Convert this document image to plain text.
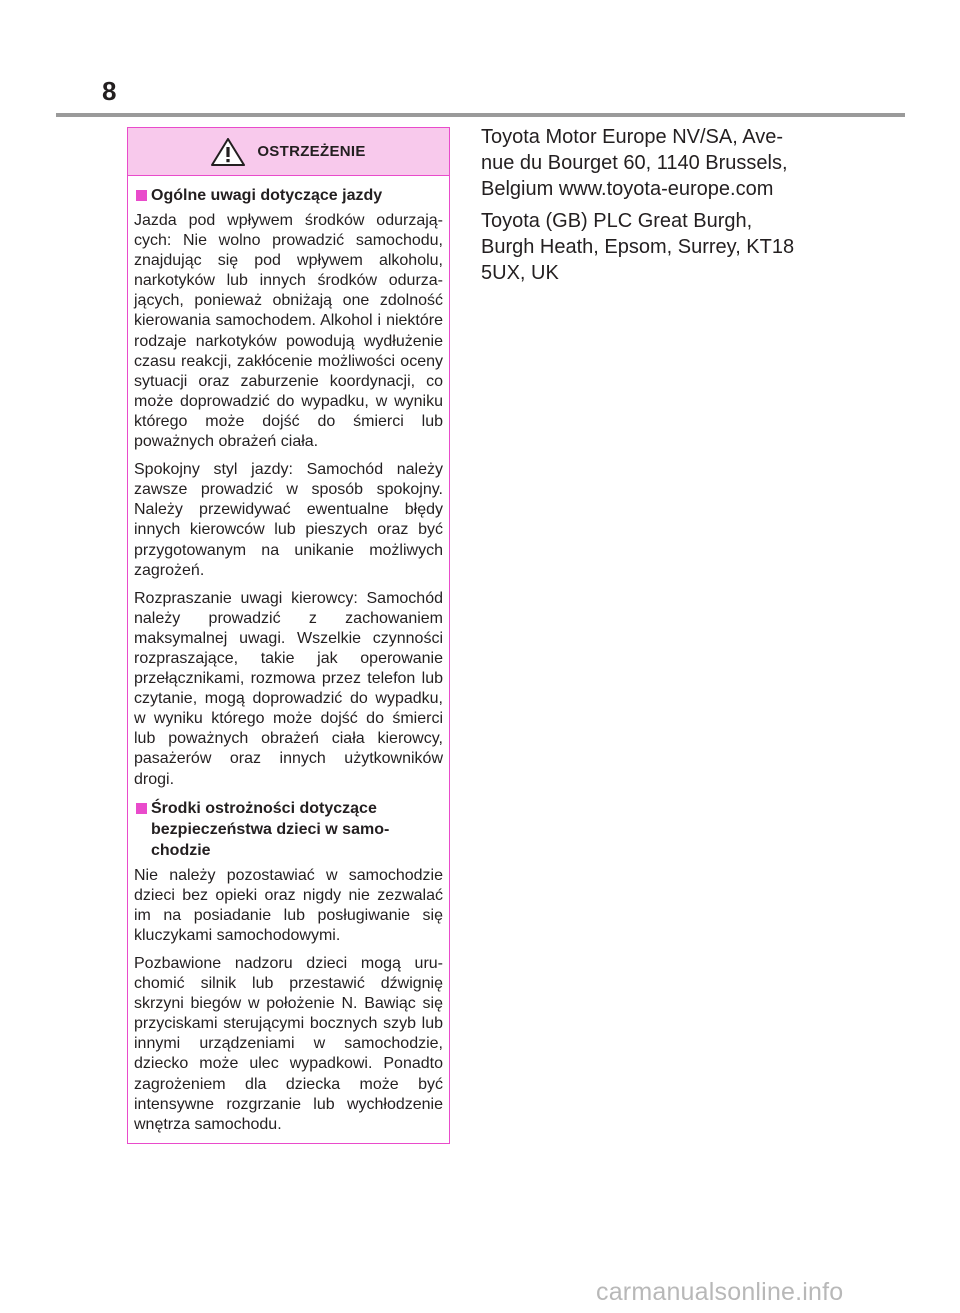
8
OSTRZEŻENIE
Ogólne uwagi dotyczące jazdy

Jazda pod wpływem środków odurzających: Nie wolno prowadzić samochodu, znajdując się pod wpływem alkoholu, narkotyków lub innych środków odurzających, ponieważ obniżają one zdolność kierowania samochodem. Alkohol i niektóre rodzaje narkotyków powodują wydłużenie czasu reakcji, zakłócenie możliwości oceny sytuacji oraz zaburzenie koordynacji, co może doprowadzić do wypadku, w wyniku którego może dojść do śmierci lub poważnych obrażeń ciała.

Spokojny styl jazdy: Samochód należy zawsze prowadzić w sposób spokojny. Należy przewidywać ewentualne błędy innych kierowców lub pieszych oraz być przygotowanym na unikanie możliwych zagrożeń.

Rozpraszanie uwagi kierowcy: Samochód należy prowadzić z zachowaniem maksymalnej uwagi. Wszelkie czynności rozpraszające, takie jak operowanie przełącznikami, rozmowa przez telefon lub czytanie, mogą doprowadzić do wypadku, w wyniku którego może dojść do śmierci lub poważnych obrażeń ciała kierowcy, pasażerów oraz innych użytkowników drogi.

Środki ostrożności dotyczące bezpieczeństwa dzieci w samochodzie

Nie należy pozostawiać w samochodzie dzieci bez opieki oraz nigdy nie zezwalać im na posiadanie lub posługiwanie się kluczykami samochodowymi.

Pozbawione nadzoru dzieci mogą uruchomić silnik lub przestawić dźwignię skrzyni biegów w położenie N. Bawiąc się przyciskami sterującymi bocznych szyb lub innymi urządzeniami w samochodzie, dziecko może ulec wypadkowi. Ponadto zagrożeniem dla dziecka może być intensywne rozgrzanie lub wychłodzenie wnętrza samochodu.

Toyota Motor Europe NV/SA, Avenue du Bourget 60, 1140 Brussels, Belgium www.toyota-europe.com

Toyota (GB) PLC Great Burgh, Burgh Heath, Epsom, Surrey, KT18 5UX, UK

carmanualsonline.info
